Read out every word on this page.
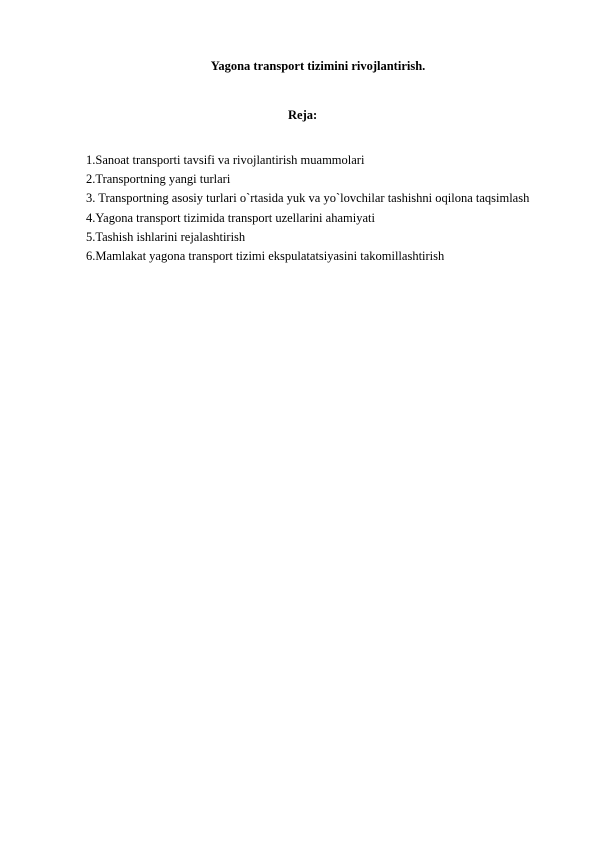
Yagona transport tizimini rivojlantirish.
Reja:
1.Sanoat transporti tavsifi va rivojlantirish muammolari
2.Transportning yangi turlari
3. Transportning asosiy turlari o`rtasida yuk va yo`lovchilar tashishni oqilona taqsimlash
4.Yagona transport tizimida transport uzellarini ahamiyati
5.Tashish ishlarini rejalashtirish
6.Mamlakat yagona transport tizimi ekspulatatsiyasini takomillashtirish
